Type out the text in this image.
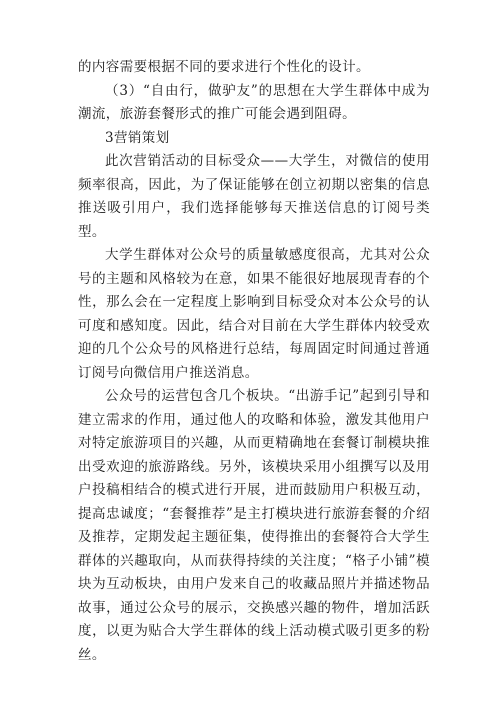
的内容需要根据不同的要求进行个性化的设计。

（3）“自由行，做驴友”的思想在大学生群体中成为潮流，旅游套餐形式的推广可能会遇到阻碍。

3营销策划

此次营销活动的目标受众——大学生，对微信的使用频率很高，因此，为了保证能够在创立初期以密集的信息推送吸引用户，我们选择能够每天推送信息的订阅号类型。

大学生群体对公众号的质量敏感度很高，尤其对公众号的主题和风格较为在意，如果不能很好地展现青春的个性，那么会在一定程度上影响到目标受众对本公众号的认可度和感知度。因此，结合对目前在大学生群体内较受欢迎的几个公众号的风格进行总结，每周固定时间通过普通订阅号向微信用户推送消息。

公众号的运营包含几个板块。“出游手记”起到引导和建立需求的作用，通过他人的攻略和体验，激发其他用户对特定旅游项目的兴趣，从而更精确地在套餐订制模块推出受欢迎的旅游路线。另外，该模块采用小组撰写以及用户投稿相结合的模式进行开展，进而鼓励用户积极互动，提高忠诚度；“套餐推荐”是主打模块进行旅游套餐的介绍及推荐，定期发起主题征集，使得推出的套餐符合大学生群体的兴趣取向，从而获得持续的关注度；“格子小铺”模块为互动板块，由用户发来自己的收藏品照片并描述物品故事，通过公众号的展示，交换感兴趣的物件，增加活跃度，以更为贴合大学生群体的线上活动模式吸引更多的粉丝。
